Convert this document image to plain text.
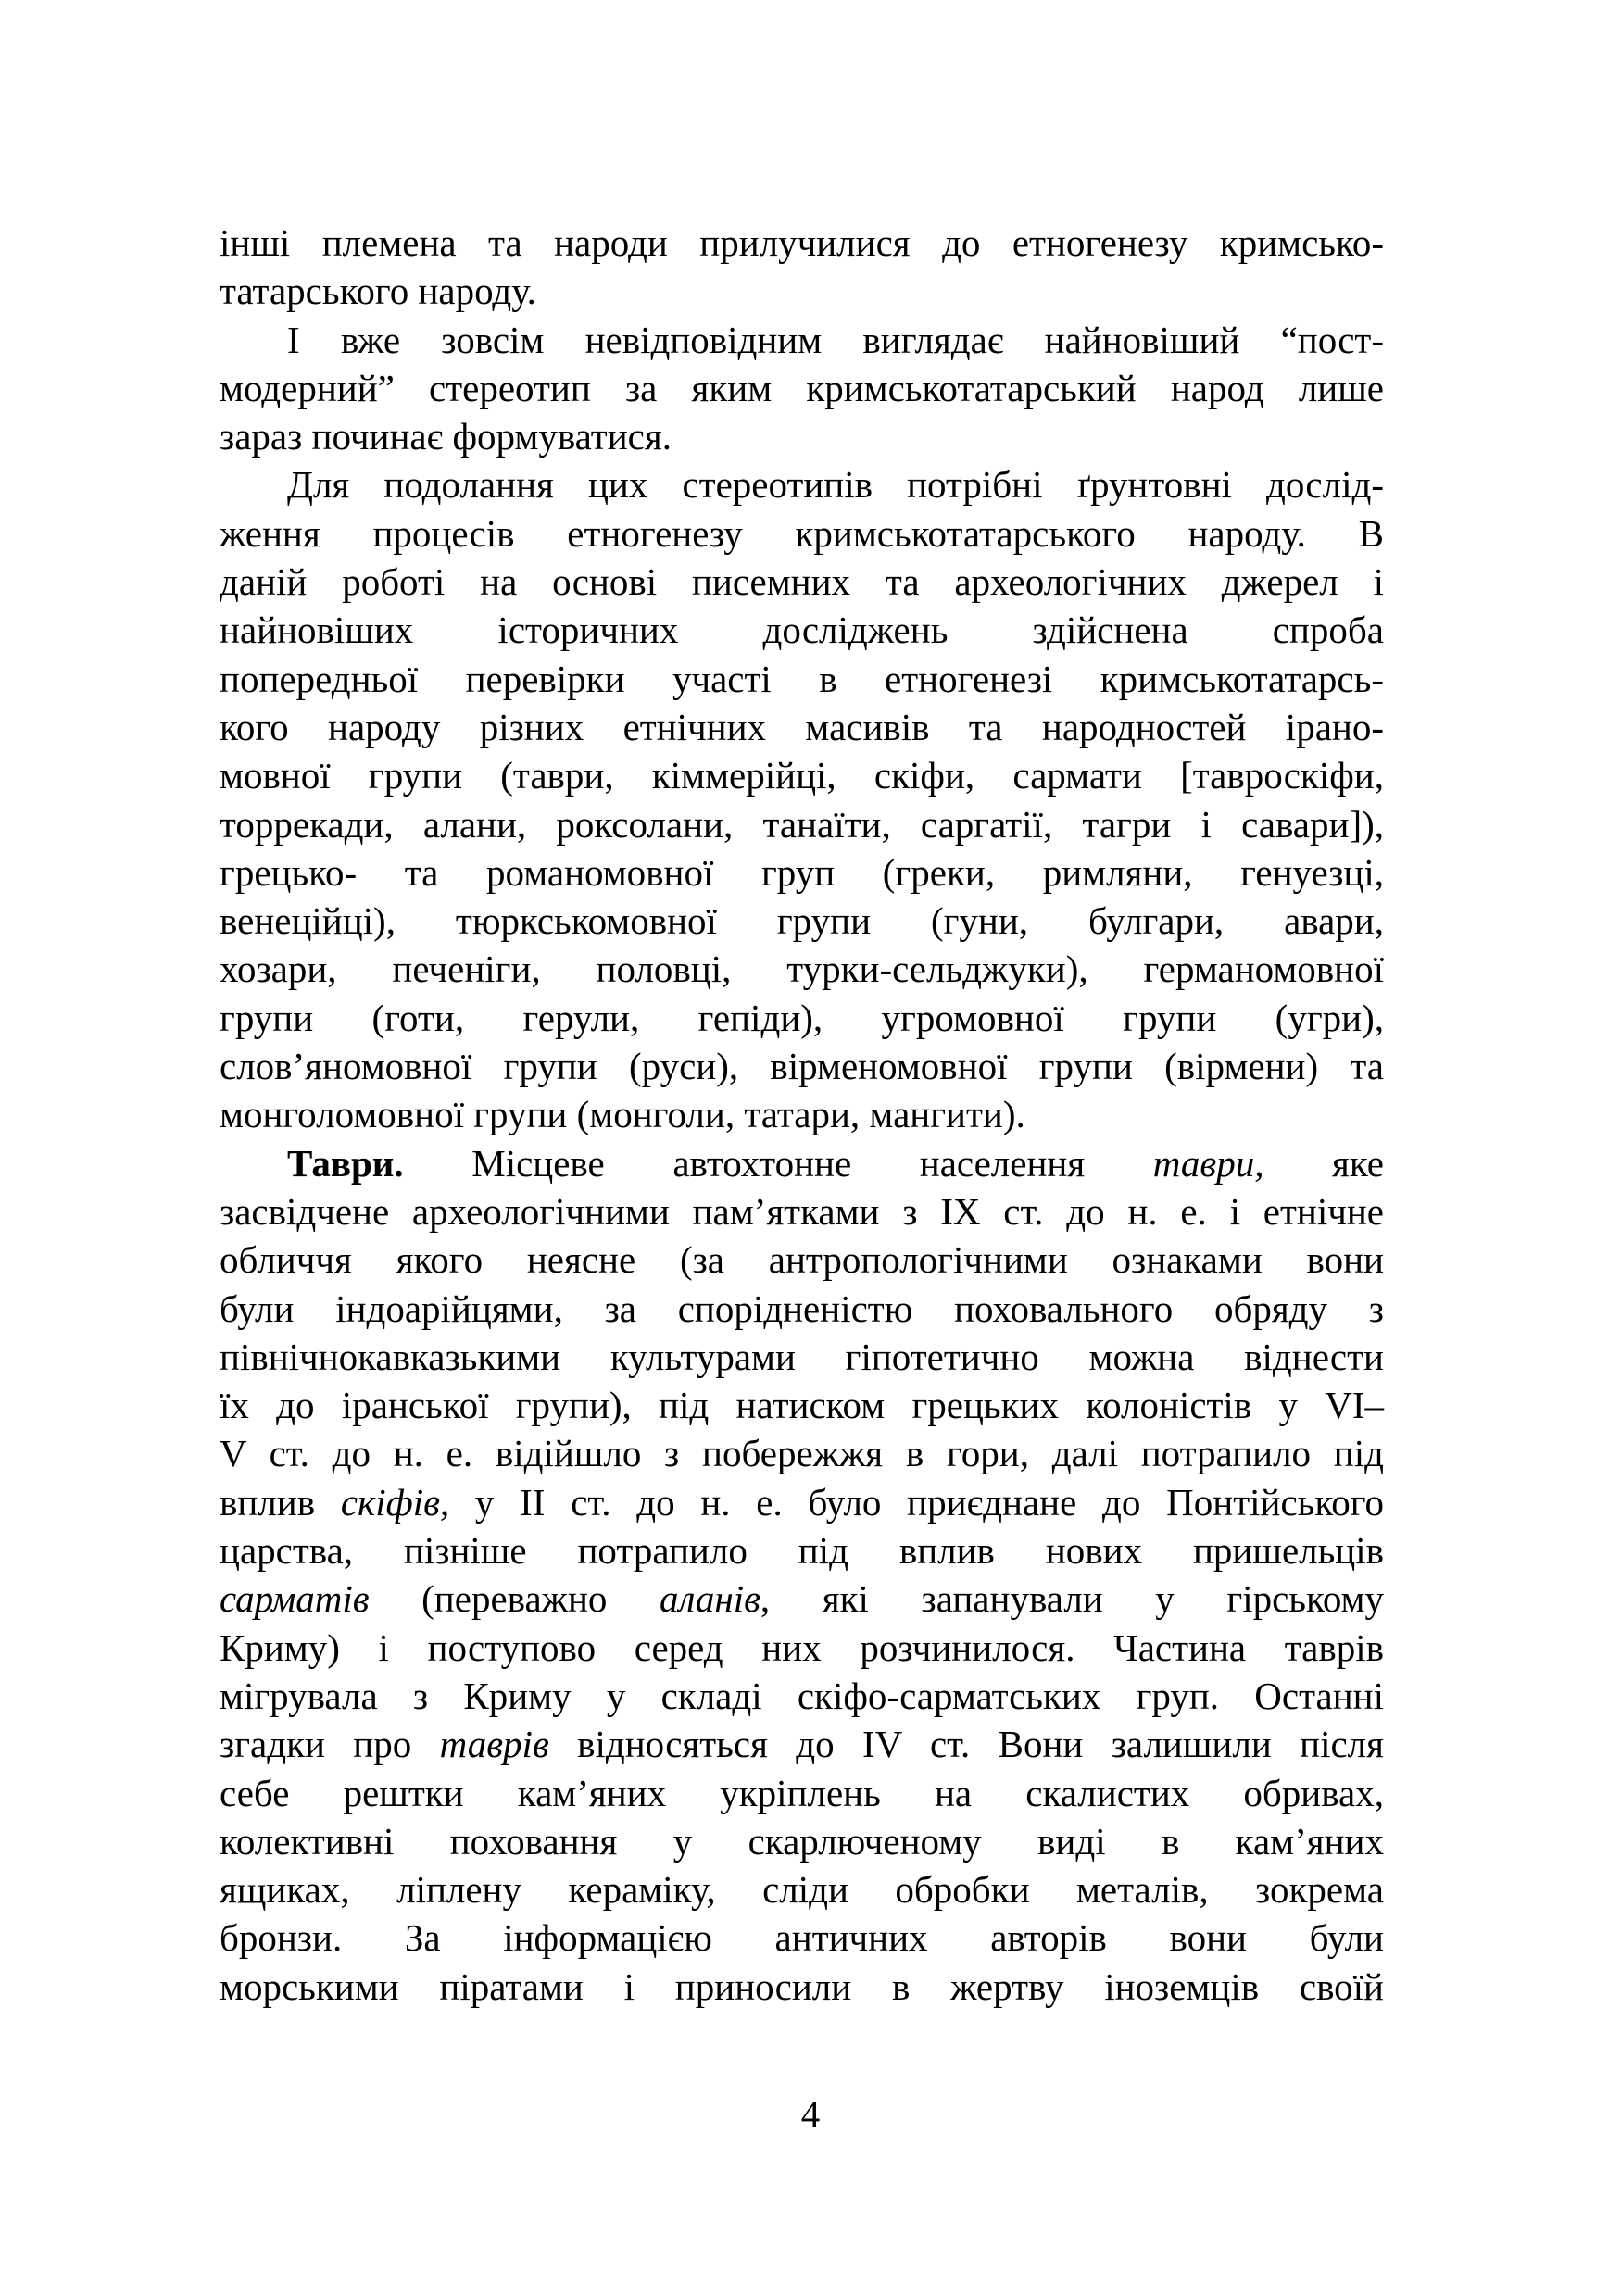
інші племена та народи прилучилися до етногенезу кримсько-
татарського народу.
І вже зовсім невідповідним виглядає найновіший “пост-
модерний” стереотип за яким кримськотатарський народ лише
зараз починає формуватися.
Для подолання цих стереотипів потрібні ґрунтовні дослід-
ження процесів етногенезу кримськотатарського народу. В
даній роботі на основі писемних та археологічних джерел і
найновіших історичних досліджень здійснена спроба
попередньої перевірки участі в етногенезі кримськотатарсь-
кого народу різних етнічних масивів та народностей ірано-
мовної групи (таври, кіммерійці, скіфи, сармати [тавроскіфи,
торрекади, алани, роксолани, танаїти, саргатії, тагри і савари]),
грецько- та романомовної груп (греки, римляни, генуезці,
венеційці), тюркськомовної групи (гуни, булгари, авари,
хозари, печеніги, половці, турки-сельджуки), германомовної
групи (готи, герули, гепіди), угромовної групи (угри),
слов’яномовної групи (руси), вірменомовної групи (вірмени) та
монголомовної групи (монголи, татари, мангити).
Таври. Місцеве автохтонне населення таври, яке
засвідчене археологічними пам’ятками з IX ст. до н. е. і етнічне
обличчя якого неясне (за антропологічними ознаками вони
були індоарійцями, за спорідненістю поховального обряду з
північнокавказькими культурами гіпотетично можна віднести
їх до іранської групи), під натиском грецьких колоністів у VI–
V ст. до н. е. відійшло з побережжя в гори, далі потрапило під
вплив скіфів, у II ст. до н. е. було приєднане до Понтійського
царства, пізніше потрапило під вплив нових пришельців
сарматів (переважно аланів, які запанували у гірському
Криму) і поступово серед них розчинилося. Частина таврів
мігрувала з Криму у складі скіфо-сарматських груп. Останні
згадки про таврів відносяться до IV ст. Вони залишили після
себе рештки кам’яних укріплень на скалистих обривах,
колективні поховання у скарлюченому виді в кам’яних
ящиках, ліплену кераміку, сліди обробки металів, зокрема
бронзи. За інформацією античних авторів вони були
морськими піратами і приносили в жертву іноземців своїй
4
